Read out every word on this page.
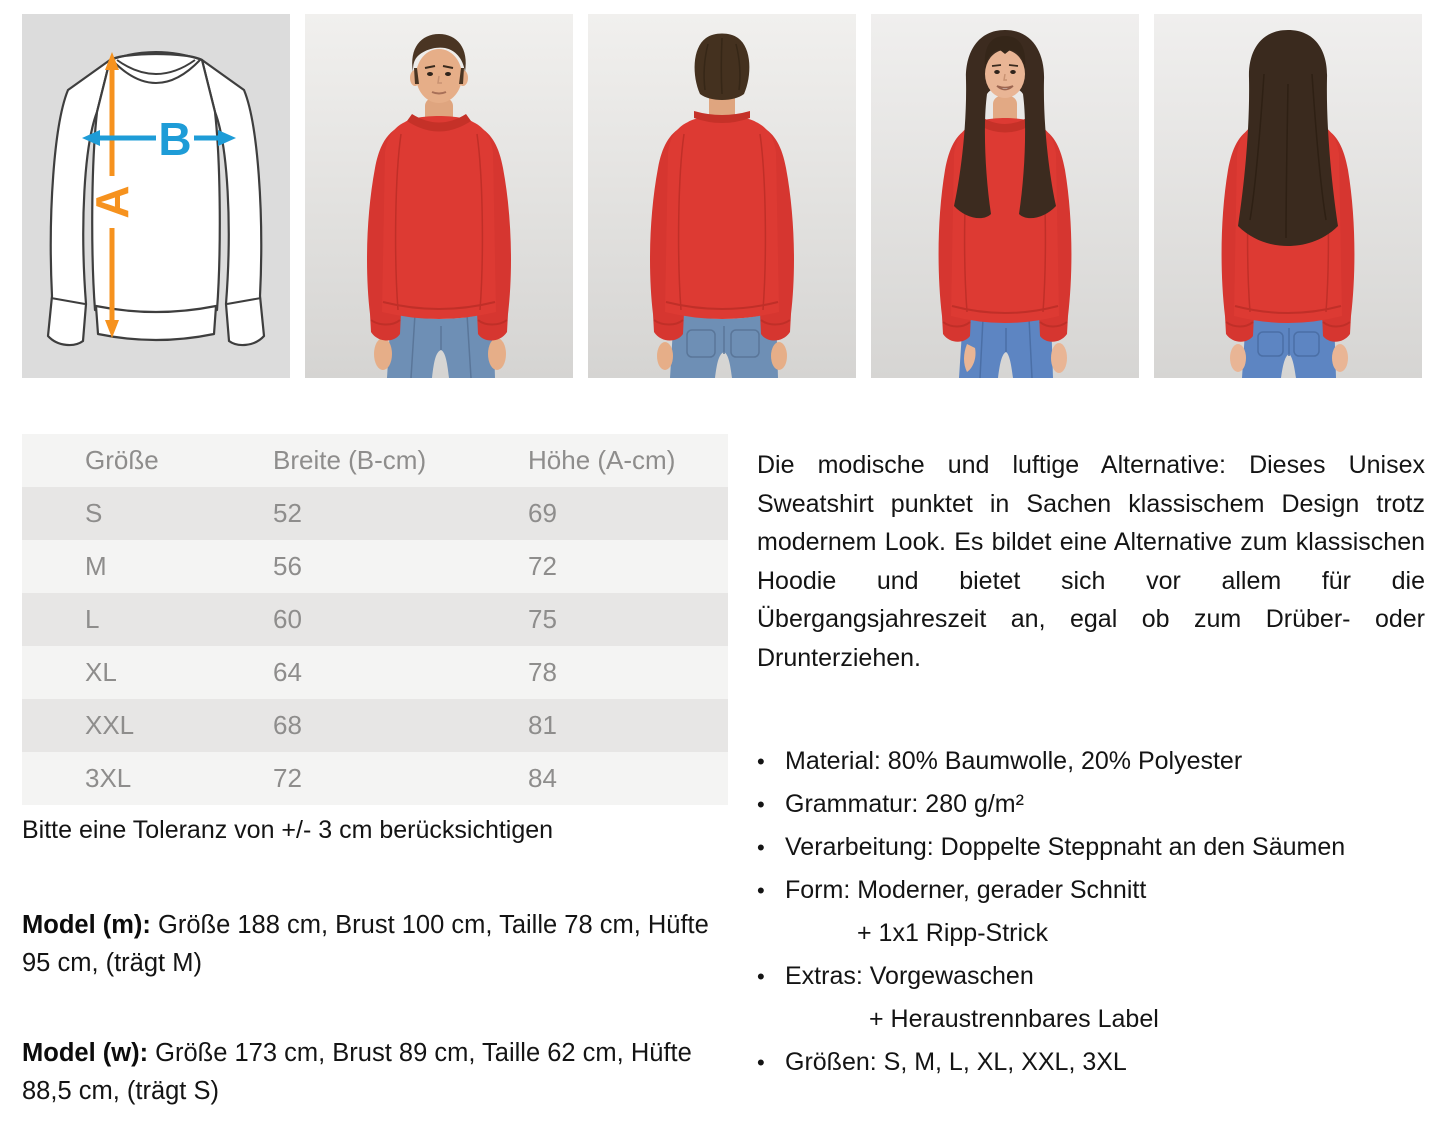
A
B
Größe	Breite (B-cm)	Höhe (A-cm)
S	52	69
M	56	72
L	60	75
XL	64	78
XXL	68	81
3XL	72	84
Bitte eine Toleranz von +/- 3 cm berücksichtigen

Model (m): Größe 188 cm, Brust 100 cm, Taille 78 cm, Hüfte 95 cm, (trägt M)

Model (w): Größe 173 cm, Brust 89 cm, Taille 62 cm, Hüfte 88,5 cm, (trägt S)

Die modische und luftige Alternative: Dieses Unisex Sweatshirt punktet in Sachen klassischem Design trotz modernem Look. Es bildet eine Alternative zum klassischen Hoodie und bietet sich vor allem für die Übergangsjahreszeit an, egal ob zum Drüber- oder Drunterziehen.

• Material: 80% Baumwolle, 20% Polyester
• Grammatur: 280 g/m²
• Verarbeitung: Doppelte Steppnaht an den Säumen
• Form: Moderner, gerader Schnitt
+ 1x1 Ripp-Strick
• Extras: Vorgewaschen
+ Heraustrennbares Label
• Größen: S, M, L, XL, XXL, 3XL
